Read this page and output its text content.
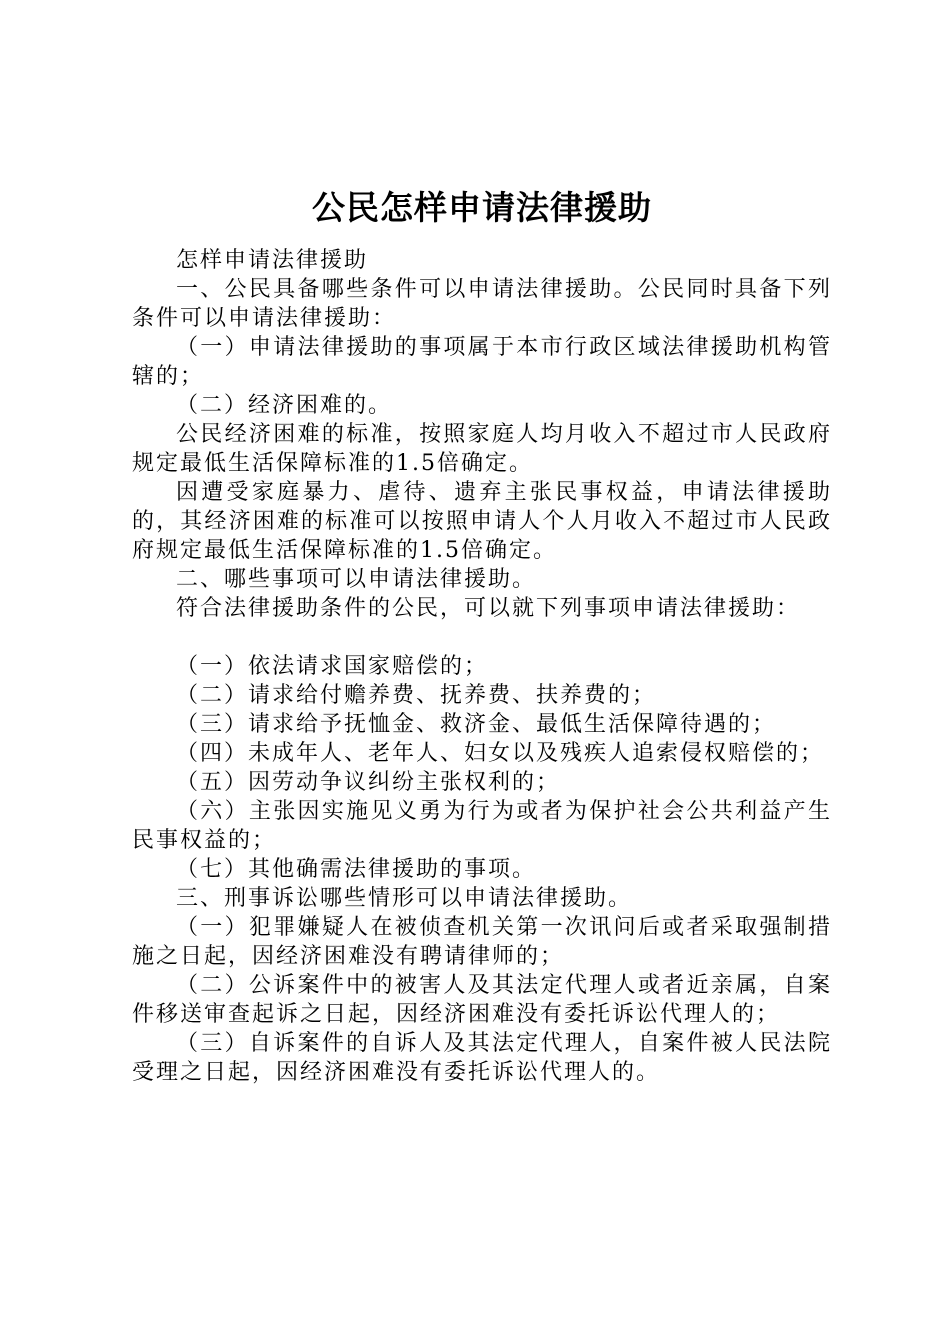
公民怎样申请法律援助

怎样申请法律援助

一、公民具备哪些条件可以申请法律援助。公民同时具备下列条件可以申请法律援助：

（一）申请法律援助的事项属于本市行政区域法律援助机构管辖的；

（二）经济困难的。

公民经济困难的标准，按照家庭人均月收入不超过市人民政府规定最低生活保障标准的1.5倍确定。

因遭受家庭暴力、虐待、遗弃主张民事权益，申请法律援助的，其经济困难的标准可以按照申请人个人月收入不超过市人民政府规定最低生活保障标准的1.5倍确定。

二、哪些事项可以申请法律援助。

符合法律援助条件的公民，可以就下列事项申请法律援助：

（一）依法请求国家赔偿的；

（二）请求给付赡养费、抚养费、扶养费的；

（三）请求给予抚恤金、救济金、最低生活保障待遇的；

（四）未成年人、老年人、妇女以及残疾人追索侵权赔偿的；

（五）因劳动争议纠纷主张权利的；

（六）主张因实施见义勇为行为或者为保护社会公共利益产生民事权益的；

（七）其他确需法律援助的事项。

三、刑事诉讼哪些情形可以申请法律援助。

（一）犯罪嫌疑人在被侦查机关第一次讯问后或者采取强制措施之日起，因经济困难没有聘请律师的；

（二）公诉案件中的被害人及其法定代理人或者近亲属，自案件移送审查起诉之日起，因经济困难没有委托诉讼代理人的；

（三）自诉案件的自诉人及其法定代理人，自案件被人民法院受理之日起，因经济困难没有委托诉讼代理人的。
